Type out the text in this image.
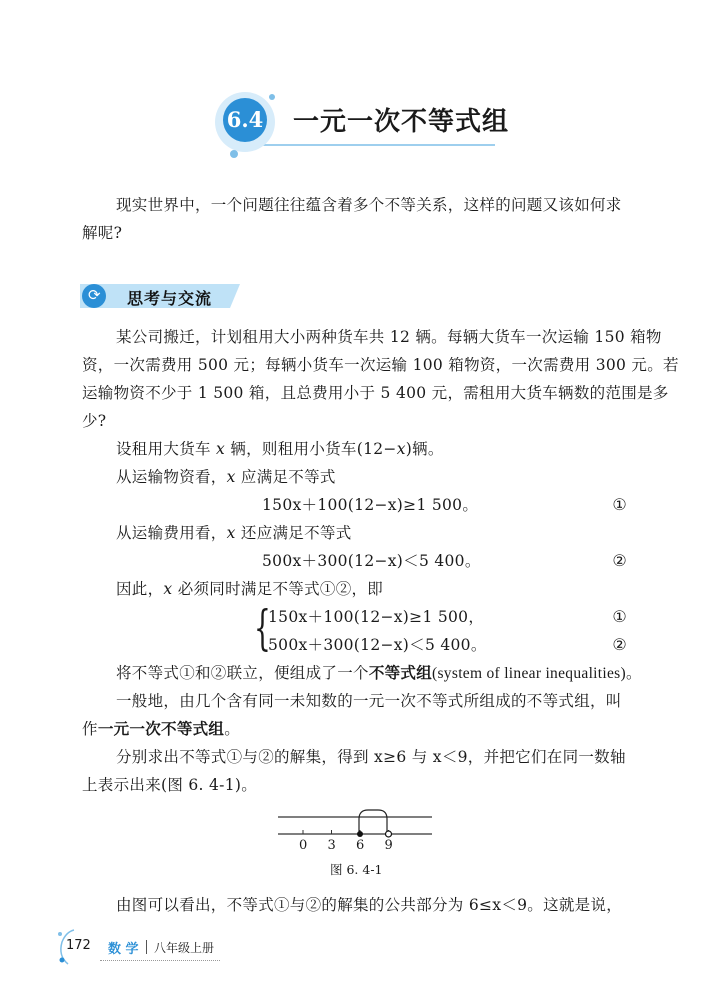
6.4 一元一次不等式组
现实世界中，一个问题往往蕴含着多个不等关系，这样的问题又该如何求
解呢?
⟳ 思考与交流
某公司搬迁，计划租用大小两种货车共 12 辆。每辆大货车一次运输 150 箱物
资，一次需费用 500 元；每辆小货车一次运输 100 箱物资，一次需费用 300 元。若
运输物资不少于 1 500 箱，且总费用小于 5 400 元，需租用大货车辆数的范围是多
少?
设租用大货车 x 辆，则租用小货车(12−x)辆。
从运输物资看，x 应满足不等式
150x＋100(12−x)≥1 500。	①
从运输费用看，x 还应满足不等式
500x＋300(12−x)＜5 400。	②
因此，x 必须同时满足不等式①②，即
{
150x＋100(12−x)≥1 500，
500x＋300(12−x)＜5 400。
①
②
将不等式①和②联立，便组成了一个不等式组(system of linear inequalities)。
一般地，由几个含有同一未知数的一元一次不等式所组成的不等式组，叫
作一元一次不等式组。
分别求出不等式①与②的解集，得到 x≥6 与 x＜9，并把它们在同一数轴
上表示出来(图 6. 4-1)。
0 3 6 9
图 6. 4-1
由图可以看出，不等式①与②的解集的公共部分为 6≤x＜9。这就是说，
172 数 学 八年级上册
